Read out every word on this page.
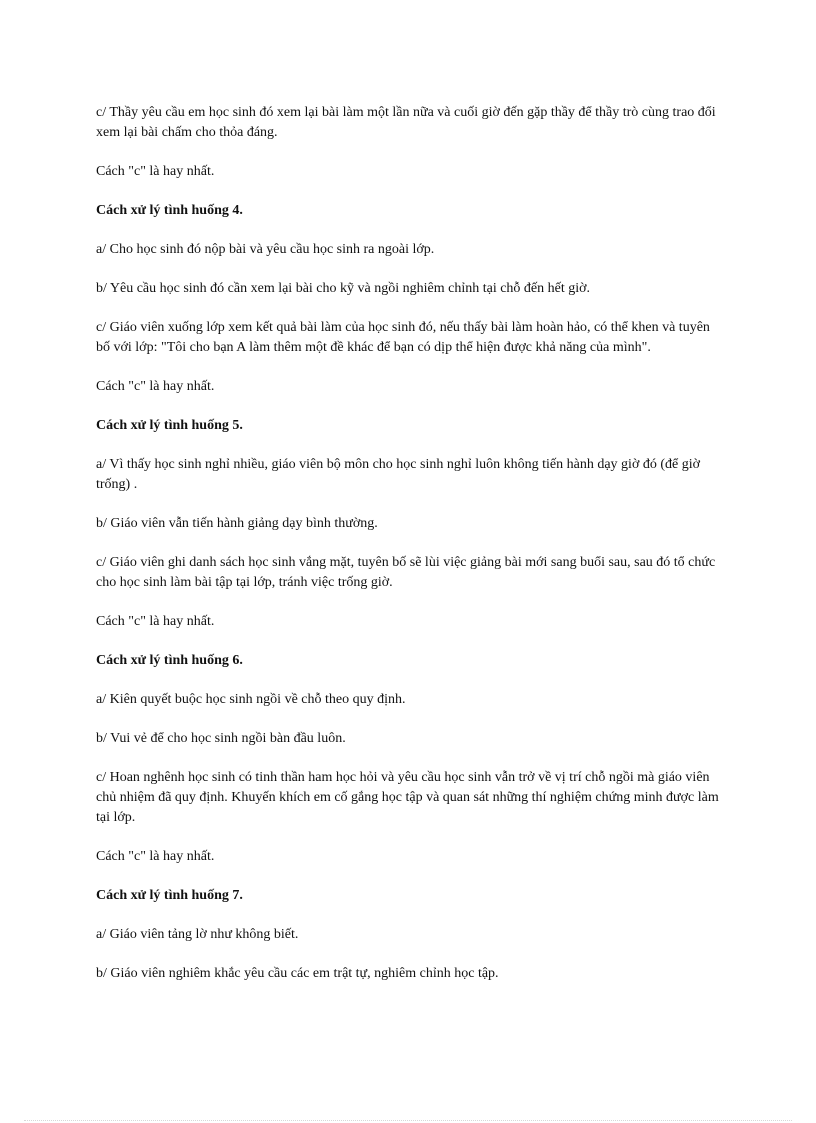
c/ Thầy yêu cầu em học sinh đó xem lại bài làm một lần nữa và cuối giờ đến gặp thầy để thầy trò cùng trao đổi xem lại bài chấm cho thỏa đáng.

Cách "c" là hay nhất.

Cách xử lý tình huống 4.

a/ Cho học sinh đó nộp bài và yêu cầu học sinh ra ngoài lớp.

b/ Yêu cầu học sinh đó cần xem lại bài cho kỹ và ngồi nghiêm chỉnh tại chỗ đến hết giờ.

c/ Giáo viên xuống lớp xem kết quả bài làm của học sinh đó, nếu thấy bài làm hoàn hảo, có thể khen và tuyên bố với lớp: "Tôi cho bạn A làm thêm một đề khác để bạn có dịp thể hiện được khả năng của mình".

Cách "c" là hay nhất.

Cách xử lý tình huống 5.

a/ Vì thấy học sinh nghỉ nhiều, giáo viên bộ môn cho học sinh nghỉ luôn không tiến hành dạy giờ đó (để giờ trống) .

b/ Giáo viên vẫn tiến hành giảng dạy bình thường.

c/ Giáo viên ghi danh sách học sinh vắng mặt, tuyên bố sẽ lùi việc giảng bài mới sang buổi sau, sau đó tổ chức cho học sinh làm bài tập tại lớp, tránh việc trống giờ.

Cách "c" là hay nhất.

Cách xử lý tình huống 6.

a/ Kiên quyết buộc học sinh ngồi về chỗ theo quy định.

b/ Vui vẻ để cho học sinh ngồi bàn đầu luôn.

c/ Hoan nghênh học sinh có tinh thần ham học hỏi và yêu cầu học sinh vẫn trở về vị trí chỗ ngồi mà giáo viên chủ nhiệm đã quy định. Khuyến khích em cố gắng học tập và quan sát những thí nghiệm chứng minh được làm tại lớp.

Cách "c" là hay nhất.

Cách xử lý tình huống 7.

a/ Giáo viên tảng lờ như không biết.

b/ Giáo viên nghiêm khắc yêu cầu các em trật tự, nghiêm chỉnh học tập.
